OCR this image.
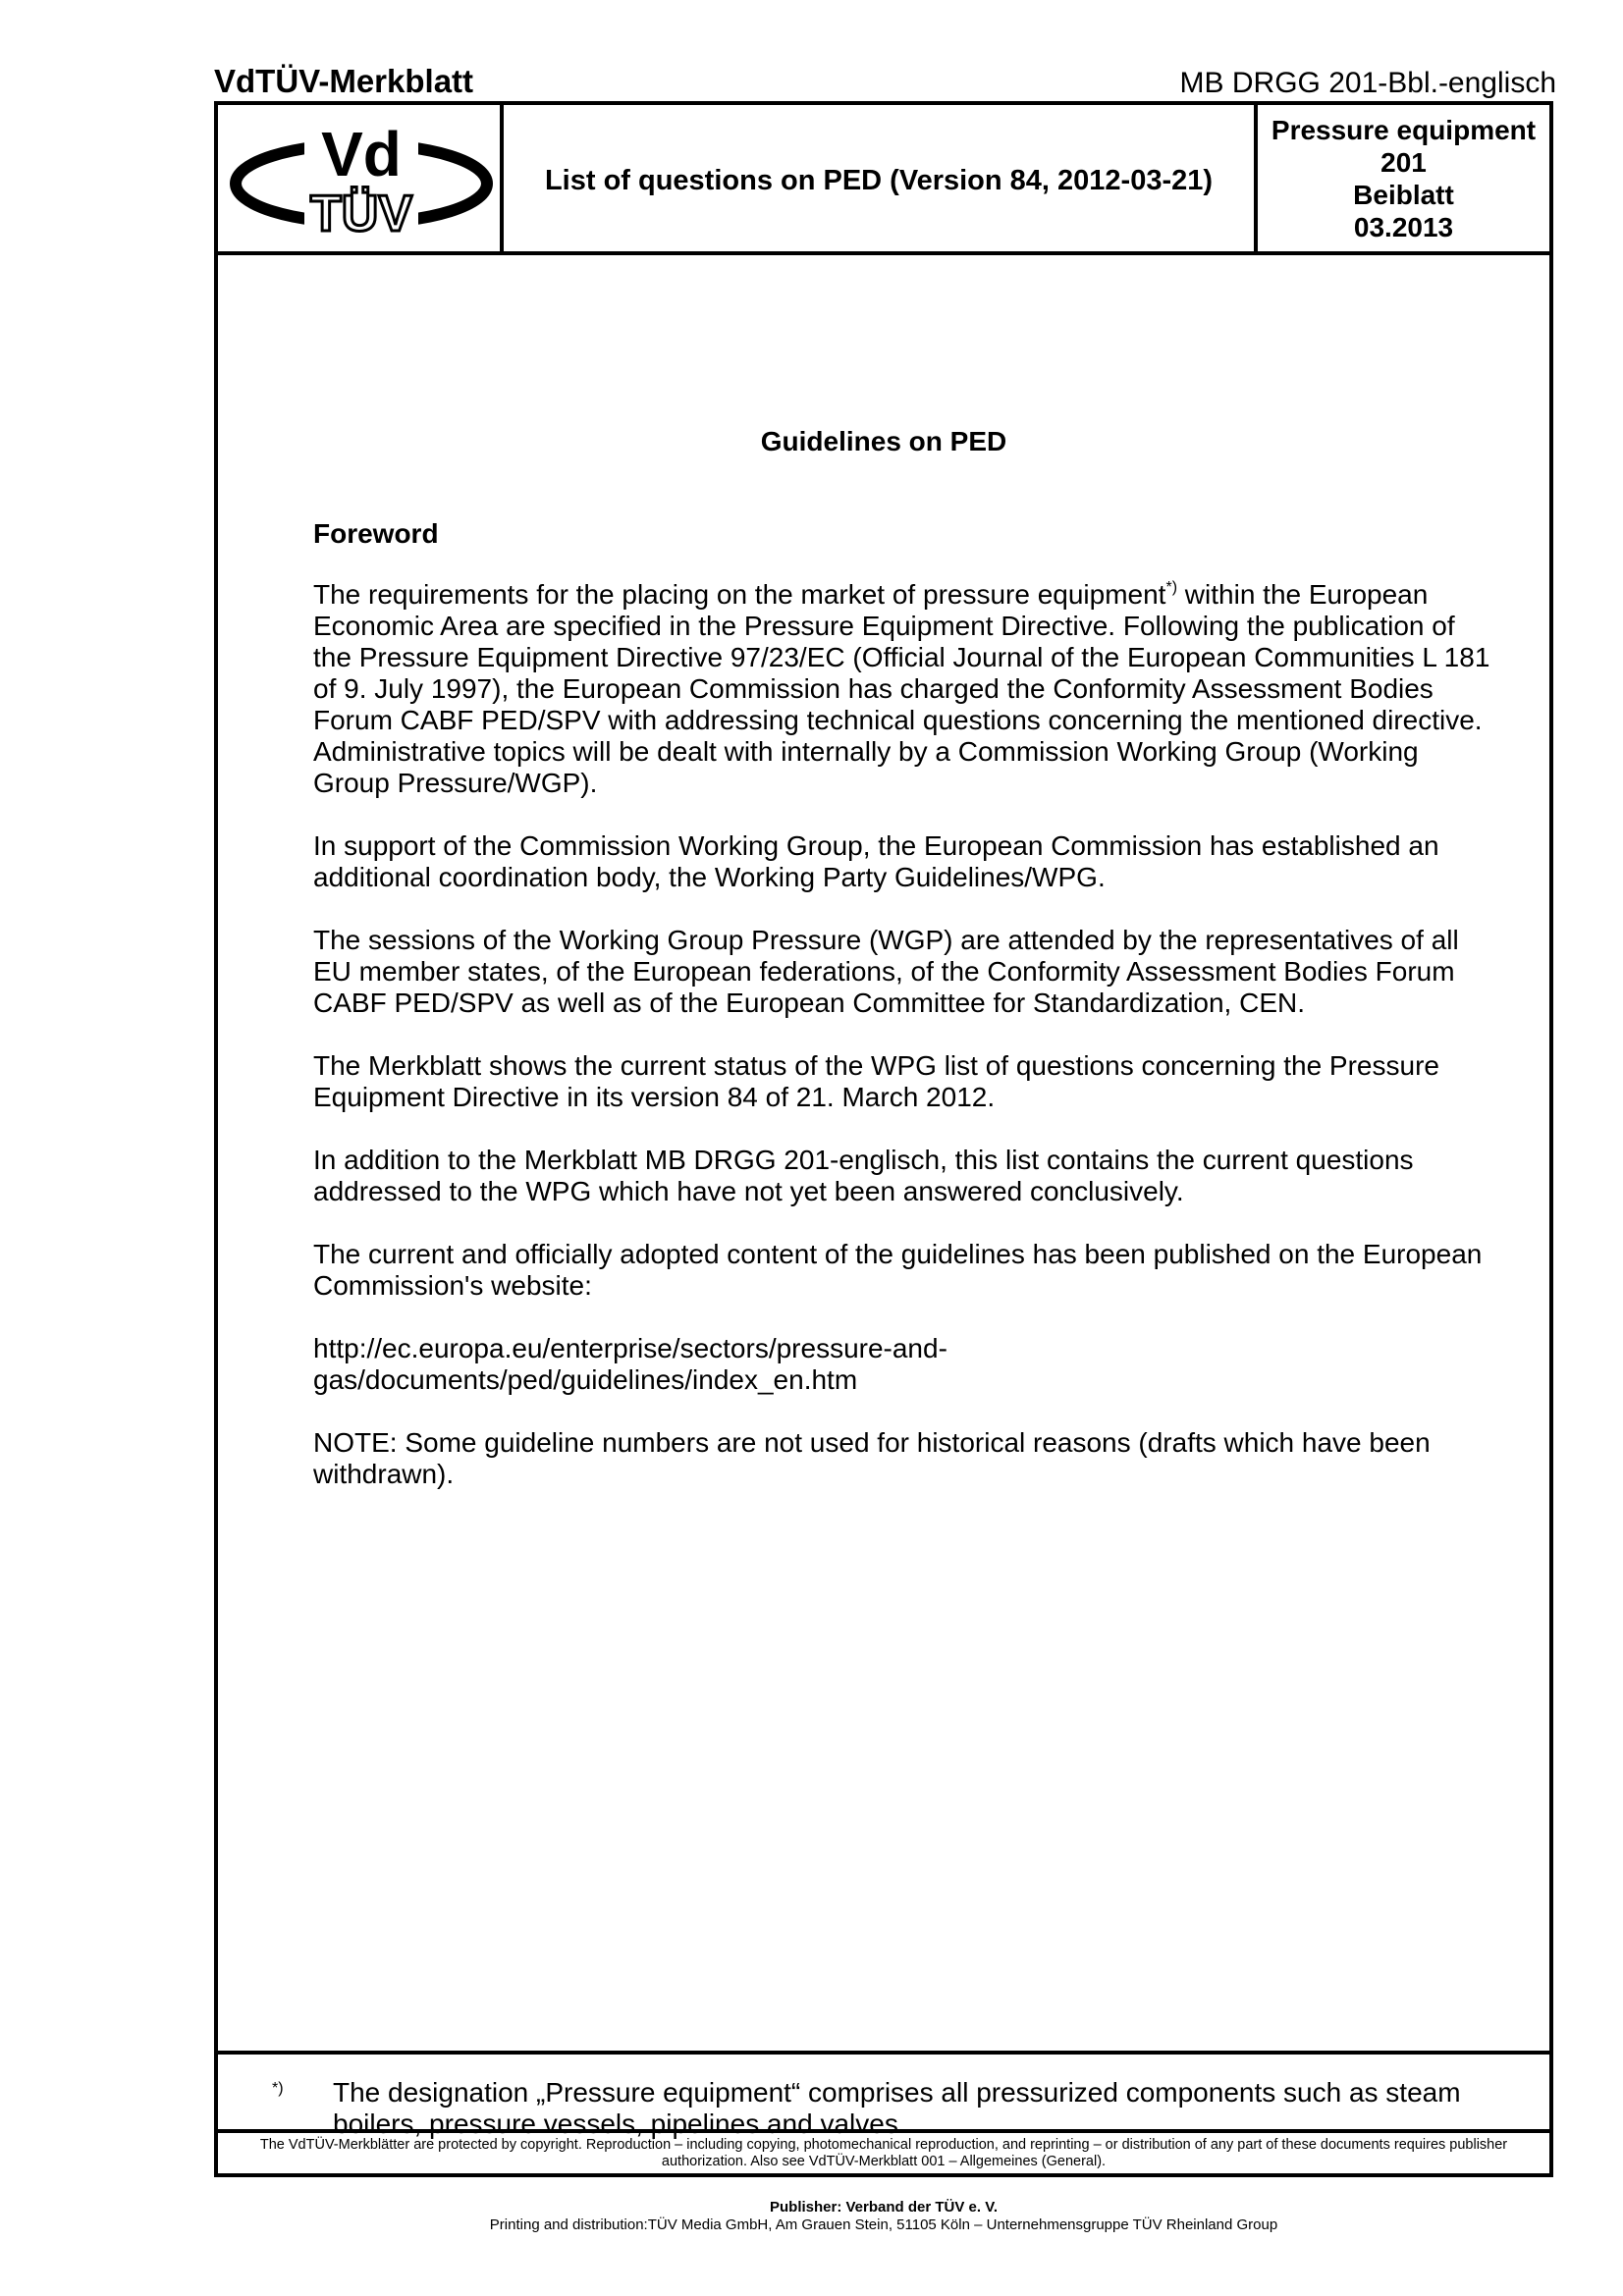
VdTÜV-Merkblatt	MB DRGG 201-Bbl.-englisch
Vd
TÜV
List of questions on PED (Version 84, 2012-03-21)
Pressure equipment
201
Beiblatt
03.2013
Guidelines on PED
Foreword

The requirements for the placing on the market of pressure equipment*) within the European Economic Area are specified in the Pressure Equipment Directive. Following the publication of the Pressure Equipment Directive 97/23/EC (Official Journal of the European Communities L 181 of 9. July 1997), the European Commission has charged the Conformity Assessment Bodies Forum CABF PED/SPV with addressing technical questions concerning the mentioned directive. Administrative topics will be dealt with internally by a Commission Working Group (Working Group Pressure/WGP).

In support of the Commission Working Group, the European Commission has established an additional coordination body, the Working Party Guidelines/WPG.

The sessions of the Working Group Pressure (WGP) are attended by the representatives of all EU member states, of the European federations, of the Conformity Assessment Bodies Forum CABF PED/SPV as well as of the European Committee for Standardization, CEN.

The Merkblatt shows the current status of the WPG list of questions concerning the Pressure Equipment Directive in its version 84 of 21. March 2012.

In addition to the Merkblatt MB DRGG 201-englisch, this list contains the current questions addressed to the WPG which have not yet been answered conclusively.

The current and officially adopted content of the guidelines has been published on the European Commission's website:

http://ec.europa.eu/enterprise/sectors/pressure-and-gas/documents/ped/guidelines/index_en.htm

NOTE: Some guideline numbers are not used for historical reasons (drafts which have been withdrawn).

*) The designation „Pressure equipment“ comprises all pressurized components such as steam boilers, pressure vessels, pipelines and valves.
The VdTÜV-Merkblätter are protected by copyright. Reproduction – including copying, photomechanical reproduction, and reprinting – or distribution of any part of these documents requires publisher authorization. Also see VdTÜV-Merkblatt 001 – Allgemeines (General).
Publisher: Verband der TÜV e. V.
Printing and distribution:TÜV Media GmbH, Am Grauen Stein, 51105 Köln – Unternehmensgruppe TÜV Rheinland Group
